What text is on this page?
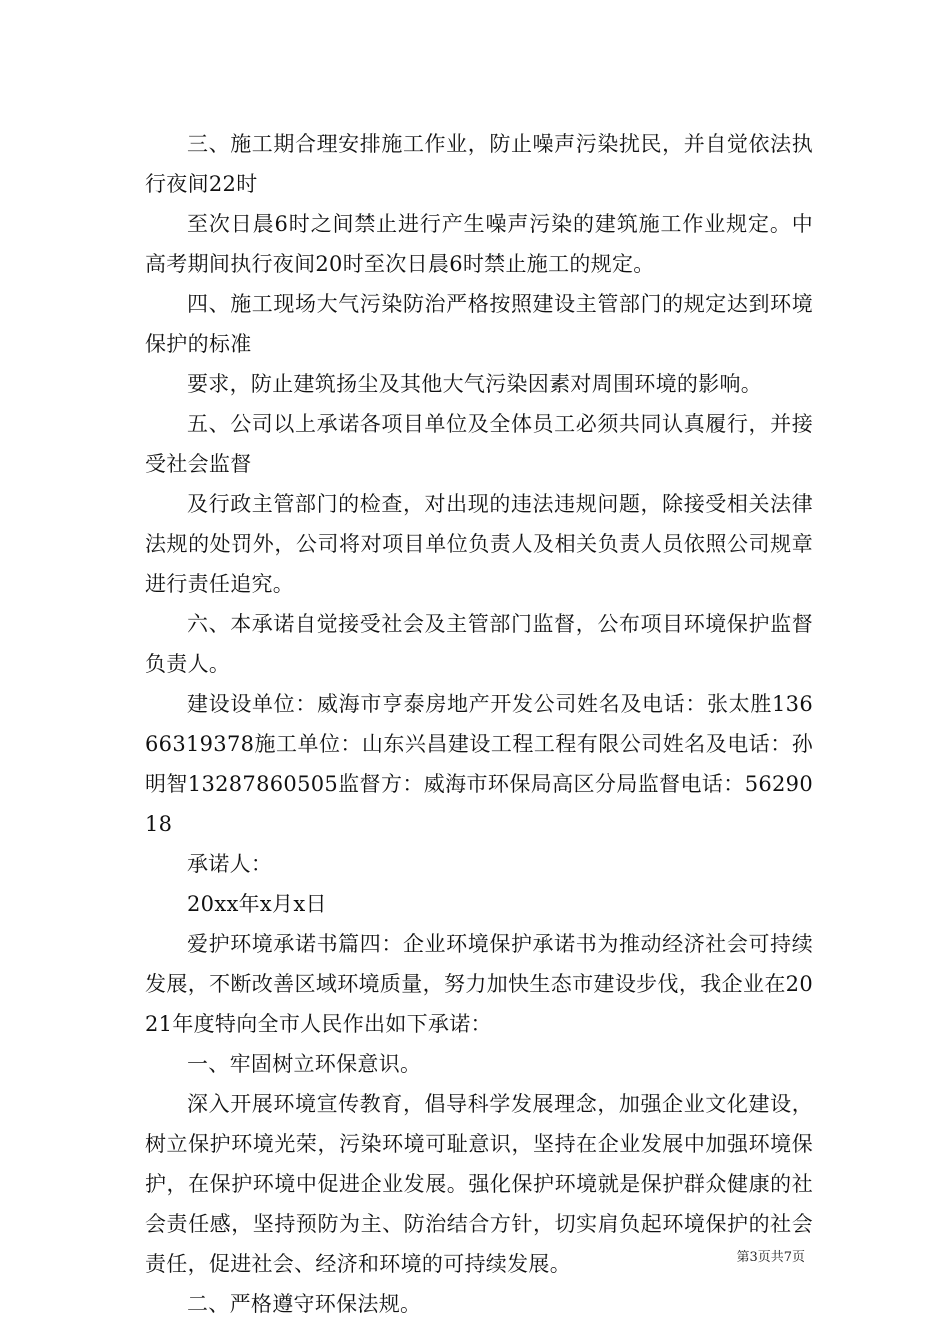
三、施工期合理安排施工作业，防止噪声污染扰民，并自觉依法执行夜间22时

至次日晨6时之间禁止进行产生噪声污染的建筑施工作业规定。中高考期间执行夜间20时至次日晨6时禁止施工的规定。

四、施工现场大气污染防治严格按照建设主管部门的规定达到环境保护的标准

要求，防止建筑扬尘及其他大气污染因素对周围环境的影响。

五、公司以上承诺各项目单位及全体员工必须共同认真履行，并接受社会监督

及行政主管部门的检查，对出现的违法违规问题，除接受相关法律法规的处罚外，公司将对项目单位负责人及相关负责人员依照公司规章进行责任追究。

六、本承诺自觉接受社会及主管部门监督，公布项目环境保护监督负责人。

建设设单位：威海市亨泰房地产开发公司姓名及电话：张太胜13666319378施工单位：山东兴昌建设工程工程有限公司姓名及电话：孙明智13287860505监督方：威海市环保局高区分局监督电话：5629018

承诺人：

20xx年x月x日

爱护环境承诺书篇四：企业环境保护承诺书为推动经济社会可持续发展，不断改善区域环境质量，努力加快生态市建设步伐，我企业在2021年度特向全市人民作出如下承诺：

一、牢固树立环保意识。

深入开展环境宣传教育，倡导科学发展理念，加强企业文化建设，树立保护环境光荣，污染环境可耻意识，坚持在企业发展中加强环境保护，在保护环境中促进企业发展。强化保护环境就是保护群众健康的社会责任感，坚持预防为主、防治结合方针，切实肩负起环境保护的社会责任，促进社会、经济和环境的可持续发展。

二、严格遵守环保法规。

第3页共7页
